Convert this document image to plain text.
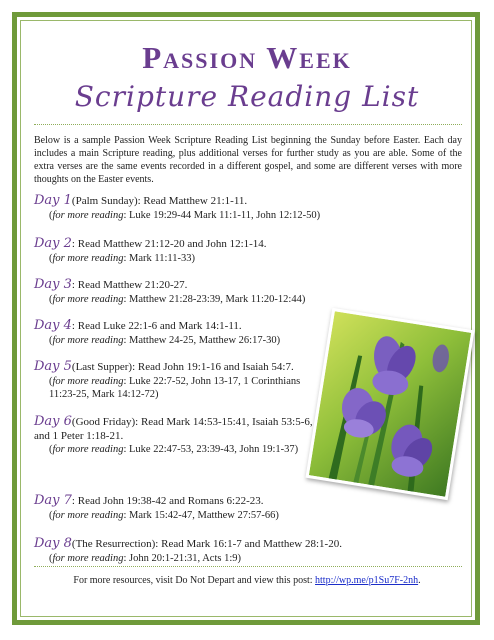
Passion Week
Scripture Reading List
Below is a sample Passion Week Scripture Reading List beginning the Sunday before Easter. Each day includes a main Scripture reading, plus additional verses for further study as you are able. Some of the extra verses are the same events recorded in a different gospel, and some are different verses with more thoughts on the Easter events.
Day 1(Palm Sunday): Read Matthew 21:1-11.
(for more reading: Luke 19:29-44 Mark 11:1-11, John 12:12-50)
Day 2: Read Matthew 21:12-20 and John 12:1-14.
(for more reading: Mark 11:11-33)
Day 3: Read Matthew 21:20-27.
(for more reading: Matthew 21:28-23:39, Mark 11:20-12:44)
Day 4: Read Luke 22:1-6 and Mark 14:1-11.
(for more reading: Matthew 24-25, Matthew 26:17-30)
Day 5(Last Supper): Read John 19:1-16 and Isaiah 54:7.
(for more reading: Luke 22:7-52, John 13-17, 1 Corinthians 11:23-25, Mark 14:12-72)
Day 6(Good Friday): Read Mark 14:53-15:41, Isaiah 53:5-6, and 1 Peter 1:18-21.
(for more reading: Luke 22:47-53, 23:39-43, John 19:1-37)
Day 7: Read John 19:38-42 and Romans 6:22-23.
(for more reading: Mark 15:42-47, Matthew 27:57-66)
Day 8(The Resurrection): Read Mark 16:1-7 and Matthew 28:1-20.
(for more reading: John 20:1-21:31, Acts 1:9)
For more resources, visit Do Not Depart and view this post: http://wp.me/p1Su7F-2nh.
